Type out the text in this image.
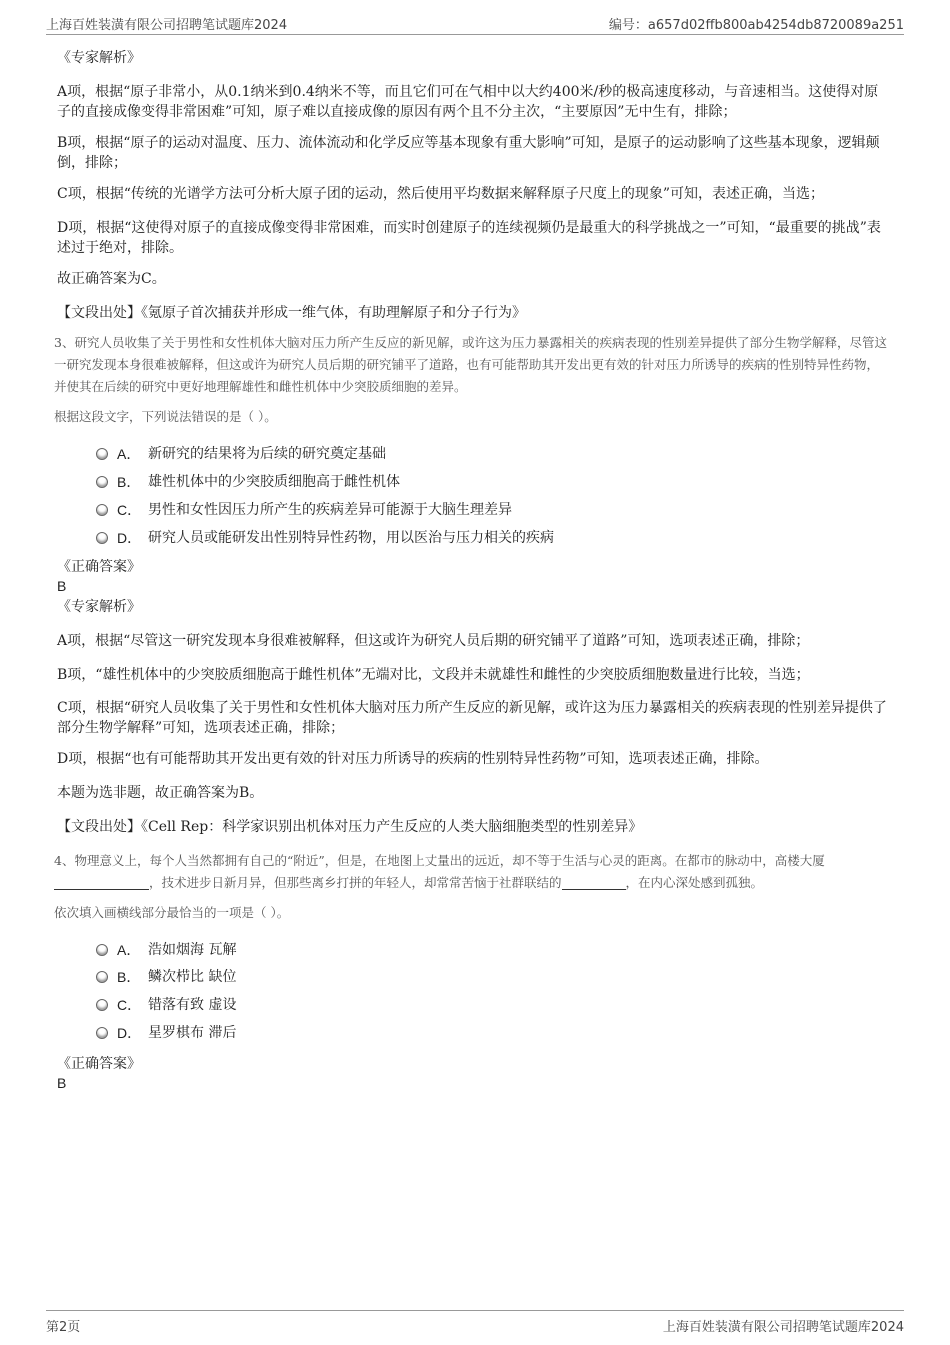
上海百姓装潢有限公司招聘笔试题库2024	编号：a657d02ffb800ab4254db8720089a251
《专家解析》
A项，根据“原子非常小，从0.1纳米到0.4纳米不等，而且它们可在气相中以大约400米/秒的极高速度移动，与音速相当。这使得对原子的直接成像变得非常困难”可知，原子难以直接成像的原因有两个且不分主次，“主要原因”无中生有，排除；
B项，根据“原子的运动对温度、压力、流体流动和化学反应等基本现象有重大影响”可知，是原子的运动影响了这些基本现象，逻辑颠倒，排除；
C项，根据“传统的光谱学方法可分析大原子团的运动，然后使用平均数据来解释原子尺度上的现象”可知，表述正确，当选；
D项，根据“这使得对原子的直接成像变得非常困难，而实时创建原子的连续视频仍是最重大的科学挑战之一”可知，“最重要的挑战”表述过于绝对，排除。
故正确答案为C。
【文段出处】《氪原子首次捕获并形成一维气体，有助理解原子和分子行为》
3、研究人员收集了关于男性和女性机体大脑对压力所产生反应的新见解，或许这为压力暴露相关的疾病表现的性别差异提供了部分生物学解释，尽管这一研究发现本身很难被解释，但这或许为研究人员后期的研究铺平了道路，也有可能帮助其开发出更有效的针对压力所诱导的疾病的性别特异性药物，并使其在后续的研究中更好地理解雄性和雌性机体中少突胶质细胞的差异。
根据这段文字，下列说法错误的是（ ）。
A． 新研究的结果将为后续的研究奠定基础
B． 雄性机体中的少突胶质细胞高于雌性机体
C． 男性和女性因压力所产生的疾病差异可能源于大脑生理差异
D． 研究人员或能研发出性别特异性药物，用以医治与压力相关的疾病
《正确答案》
B
《专家解析》
A项，根据“尽管这一研究发现本身很难被解释，但这或许为研究人员后期的研究铺平了道路”可知，选项表述正确，排除；
B项，“雄性机体中的少突胶质细胞高于雌性机体”无端对比，文段并未就雄性和雌性的少突胶质细胞数量进行比较，当选；
C项，根据“研究人员收集了关于男性和女性机体大脑对压力所产生反应的新见解，或许这为压力暴露相关的疾病表现的性别差异提供了部分生物学解释”可知，选项表述正确，排除；
D项，根据“也有可能帮助其开发出更有效的针对压力所诱导的疾病的性别特异性药物”可知，选项表述正确，排除。
本题为选非题，故正确答案为B。
【文段出处】《Cell Rep：科学家识别出机体对压力产生反应的人类大脑细胞类型的性别差异》
4、物理意义上，每个人当然都拥有自己的“附近”，但是，在地图上丈量出的远近，却不等于生活与心灵的距离。在都市的脉动中，高楼大厦，技术进步日新月异，但那些离乡打拼的年轻人，却常常苦恼于社群联结的	，在内心深处感到孤独。
依次填入画横线部分最恰当的一项是（ ）。
A． 浩如烟海 瓦解
B． 鳞次栉比 缺位
C． 错落有致 虚设
D． 星罗棋布 滞后
《正确答案》
B
第2页	上海百姓装潢有限公司招聘笔试题库2024
